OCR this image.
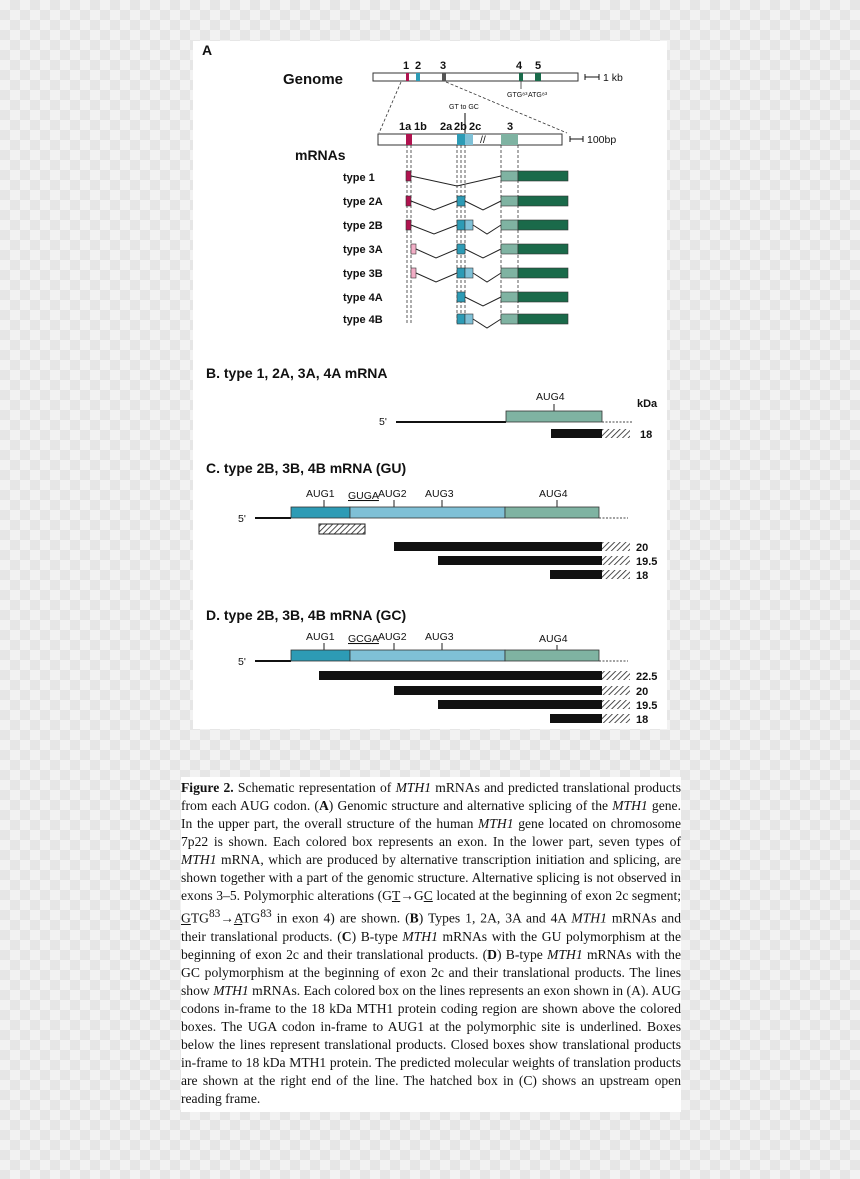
A
Genome
1 2 3	4 5
1 kb
GTG⁸³ ATG⁸³
GT to GC
//
1a 1b 2a 2b 2c 3
100bp
mRNAs
type 1
type 2A
type 2B
type 3A
type 3B
type 4A
type 4B
B. type 1, 2A, 3A, 4A mRNA
kDa
AUG4
5'
18
C. type 2B, 3B, 4B mRNA (GU)
AUG1 GUGA AUG2 AUG3	AUG4
5'
20
19.5
18
D. type 2B, 3B, 4B mRNA (GC)
AUG1 GCGA AUG2 AUG3	AUG4
5'
22.5
20
19.5
18
Figure 2. Schematic representation of MTH1 mRNAs and predicted translational products from each AUG codon. (A) Genomic structure and alternative splicing of the MTH1 gene. In the upper part, the overall structure of the human MTH1 gene located on chromosome 7p22 is shown. Each colored box represents an exon. In the lower part, seven types of MTH1 mRNA, which are produced by alternative transcription initiation and splicing, are shown together with a part of the genomic structure. Alternative splicing is not observed in exons 3–5. Polymorphic alterations (GT→GC located at the beginning of exon 2c segment; $GTG^{83}\to ATG^{83}$ in exon 4) are shown. (B) Types 1, 2A, 3A and 4A MTH1 mRNAs and their translational products. (C) B-type MTH1 mRNAs with the GU polymorphism at the beginning of exon 2c and their translational products. (D) B-type MTH1 mRNAs with the GC polymorphism at the beginning of exon 2c and their translational products. The lines show MTH1 mRNAs. Each colored box on the lines represents an exon shown in (A). AUG codons in-frame to the 18 kDa MTH1 protein coding region are shown above the colored boxes. The UGA codon in-frame to AUG1 at the polymorphic site is underlined. Boxes below the lines represent translational products. Closed boxes show translational products in-frame to 18 kDa MTH1 protein. The predicted molecular weights of translation products are shown at the right end of the line. The hatched box in (C) shows an upstream open reading frame.
